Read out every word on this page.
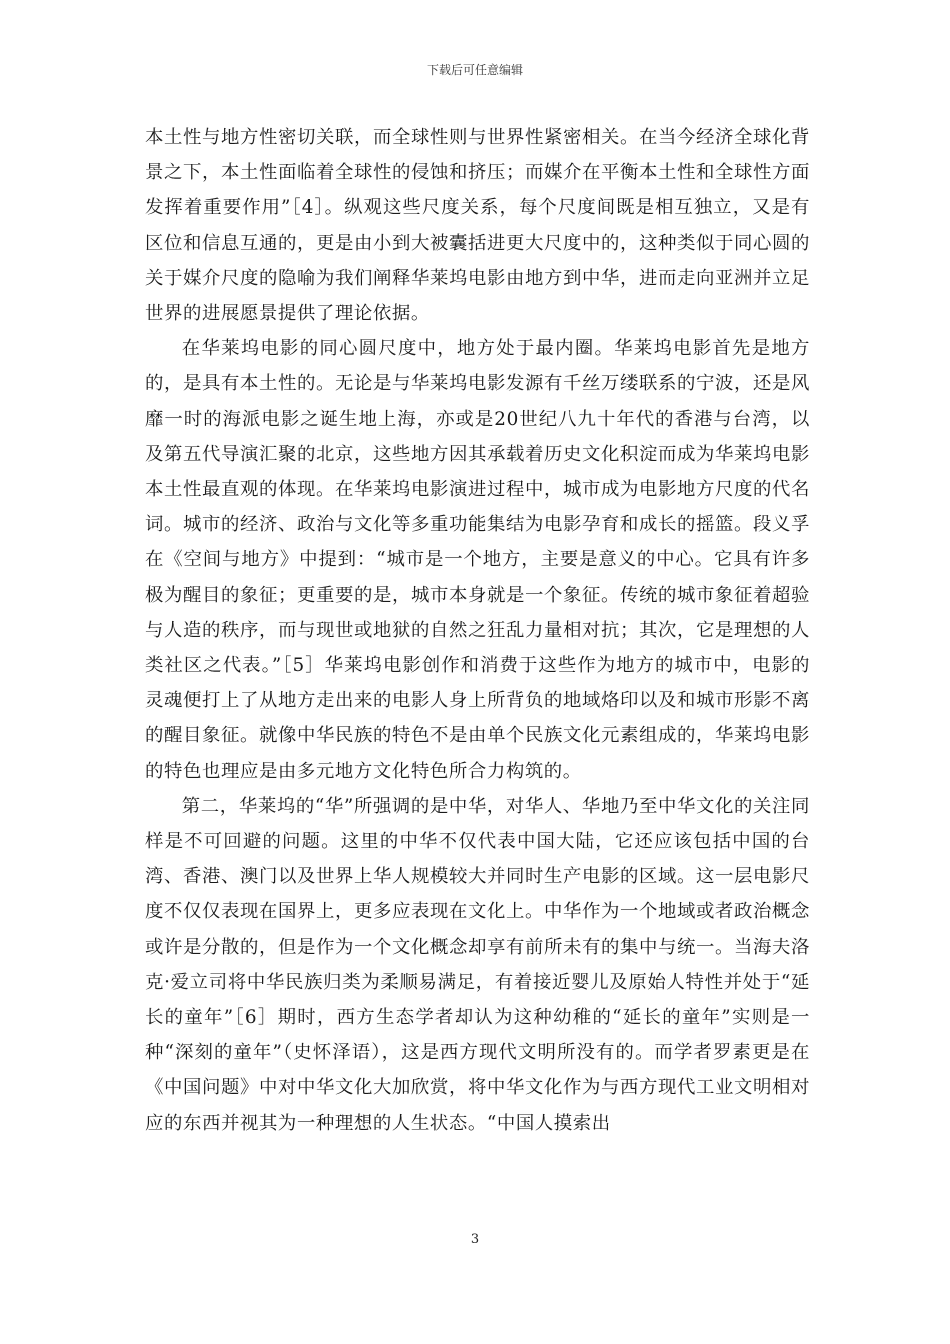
下载后可任意编辑

本土性与地方性密切关联，而全球性则与世界性紧密相关。在当今经济全球化背景之下，本土性面临着全球性的侵蚀和挤压；而媒介在平衡本土性和全球性方面发挥着重要作用”［4］。纵观这些尺度关系，每个尺度间既是相互独立，又是有区位和信息互通的，更是由小到大被囊括进更大尺度中的，这种类似于同心圆的关于媒介尺度的隐喻为我们阐释华莱坞电影由地方到中华，进而走向亚洲并立足世界的进展愿景提供了理论依据。

在华莱坞电影的同心圆尺度中，地方处于最内圈。华莱坞电影首先是地方的，是具有本土性的。无论是与华莱坞电影发源有千丝万缕联系的宁波，还是风靡一时的海派电影之诞生地上海，亦或是20世纪八九十年代的香港与台湾，以及第五代导演汇聚的北京，这些地方因其承载着历史文化积淀而成为华莱坞电影本土性最直观的体现。在华莱坞电影演进过程中，城市成为电影地方尺度的代名词。城市的经济、政治与文化等多重功能集结为电影孕育和成长的摇篮。段义孚在《空间与地方》中提到：“城市是一个地方，主要是意义的中心。它具有许多极为醒目的象征；更重要的是，城市本身就是一个象征。传统的城市象征着超验与人造的秩序，而与现世或地狱的自然之狂乱力量相对抗；其次，它是理想的人类社区之代表。”［5］华莱坞电影创作和消费于这些作为地方的城市中，电影的灵魂便打上了从地方走出来的电影人身上所背负的地域烙印以及和城市形影不离的醒目象征。就像中华民族的特色不是由单个民族文化元素组成的，华莱坞电影的特色也理应是由多元地方文化特色所合力构筑的。

第二，华莱坞的“华”所强调的是中华，对华人、华地乃至中华文化的关注同样是不可回避的问题。这里的中华不仅代表中国大陆，它还应该包括中国的台湾、香港、澳门以及世界上华人规模较大并同时生产电影的区域。这一层电影尺度不仅仅表现在国界上，更多应表现在文化上。中华作为一个地域或者政治概念或许是分散的，但是作为一个文化概念却享有前所未有的集中与统一。当海夫洛克·爱立司将中华民族归类为柔顺易满足，有着接近婴儿及原始人特性并处于“延长的童年”［6］期时，西方生态学者却认为这种幼稚的“延长的童年”实则是一种“深刻的童年”（史怀泽语），这是西方现代文明所没有的。而学者罗素更是在《中国问题》中对中华文化大加欣赏，将中华文化作为与西方现代工业文明相对应的东西并视其为一种理想的人生状态。“中国人摸索出

3
